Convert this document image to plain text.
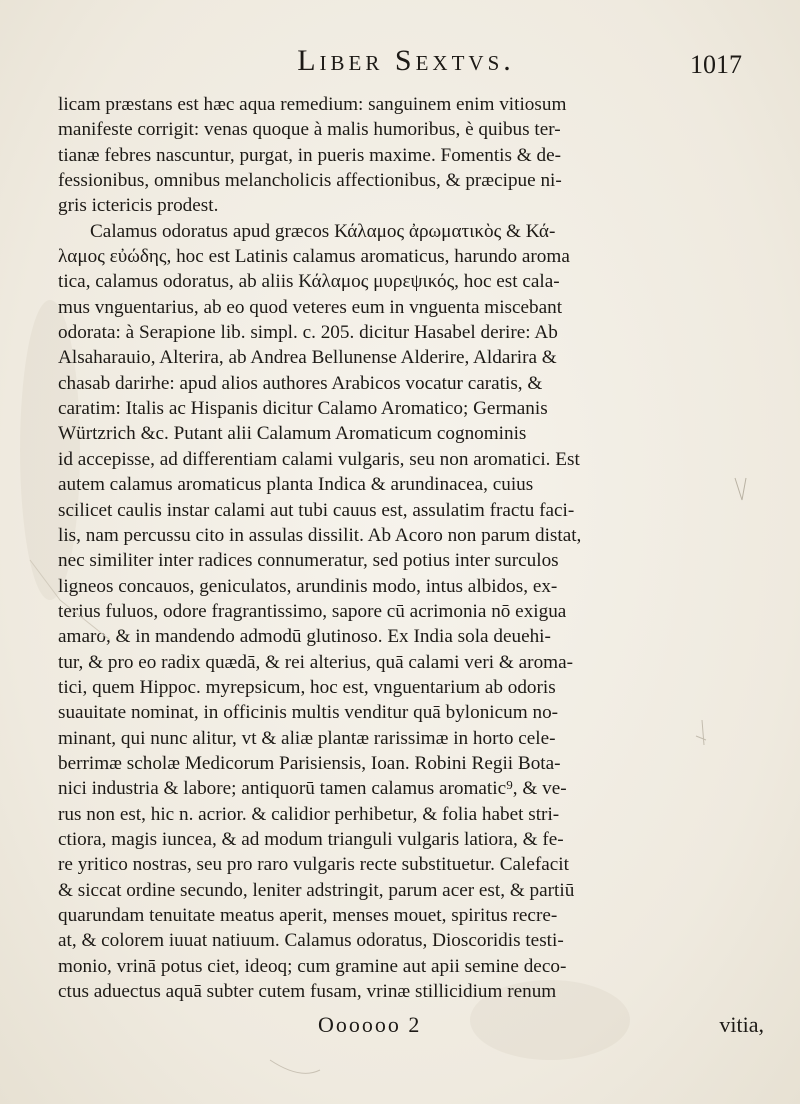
Liber Sextvs.	1017

licam præstans est hæc aqua remedium: sanguinem enim vitiosum

manifeste corrigit: venas quoque à malis humoribus, è quibus ter-

tianæ febres nascuntur, purgat, in pueris maxime. Fomentis & de-

fessionibus, omnibus melancholicis affectionibus, & præcipue ni-

gris ictericis prodest.

Calamus odoratus apud græcos Κάλαμος ἀρωματικὸς & Κά-

λαμος εὐώδης, hoc est Latinis calamus aromaticus, harundo aroma

tica, calamus odoratus, ab aliis Κάλαμος μυρεψικός, hoc est cala-

mus vnguentarius, ab eo quod veteres eum in vnguenta miscebant

odorata: à Serapione lib. simpl. c. 205. dicitur Hasabel derire: Ab

Alsaharauio, Alterira, ab Andrea Bellunense Alderire, Aldarira &

chasab darirhe: apud alios authores Arabicos vocatur caratis, &

caratim: Italis ac Hispanis dicitur Calamo Aromatico; Germanis

Würtzrich &c. Putant alii Calamum Aromaticum cognominis

id accepisse, ad differentiam calami vulgaris, seu non aromatici. Est

autem calamus aromaticus planta Indica & arundinacea, cuius

scilicet caulis instar calami aut tubi cauus est, assulatim fractu faci-

lis, nam percussu cito in assulas dissilit. Ab Acoro non parum distat,

nec similiter inter radices connumeratur, sed potius inter surculos

ligneos concauos, geniculatos, arundinis modo, intus albidos, ex-

terius fuluos, odore fragrantissimo, sapore cū acrimonia nō exigua

amaro, & in mandendo admodū glutinoso. Ex India sola deuehi-

tur, & pro eo radix quædā, & rei alterius, quā calami veri & aroma-

tici, quem Hippoc. myrepsicum, hoc est, vnguentarium ab odoris

suauitate nominat, in officinis multis venditur quā bylonicum no-

minant, qui nunc alitur, vt & aliæ plantæ rarissimæ in horto cele-

berrimæ scholæ Medicorum Parisiensis, Ioan. Robini Regii Bota-

nici industria & labore; antiquorū tamen calamus aromatic⁹, & ve-

rus non est, hic n. acrior. & calidior perhibetur, & folia habet stri-

ctiora, magis iuncea, & ad modum trianguli vulgaris latiora, & fe-

re yritico nostras, seu pro raro vulgaris recte substituetur. Calefacit

& siccat ordine secundo, leniter adstringit, parum acer est, & partiū

quarundam tenuitate meatus aperit, menses mouet, spiritus recre-

at, & colorem iuuat natiuum. Calamus odoratus, Dioscoridis testi-

monio, vrinā potus ciet, ideoq; cum gramine aut apii semine deco-

ctus aduectus aquā subter cutem fusam, vrinæ stillicidium renum

Oooooo 2	vitia,
